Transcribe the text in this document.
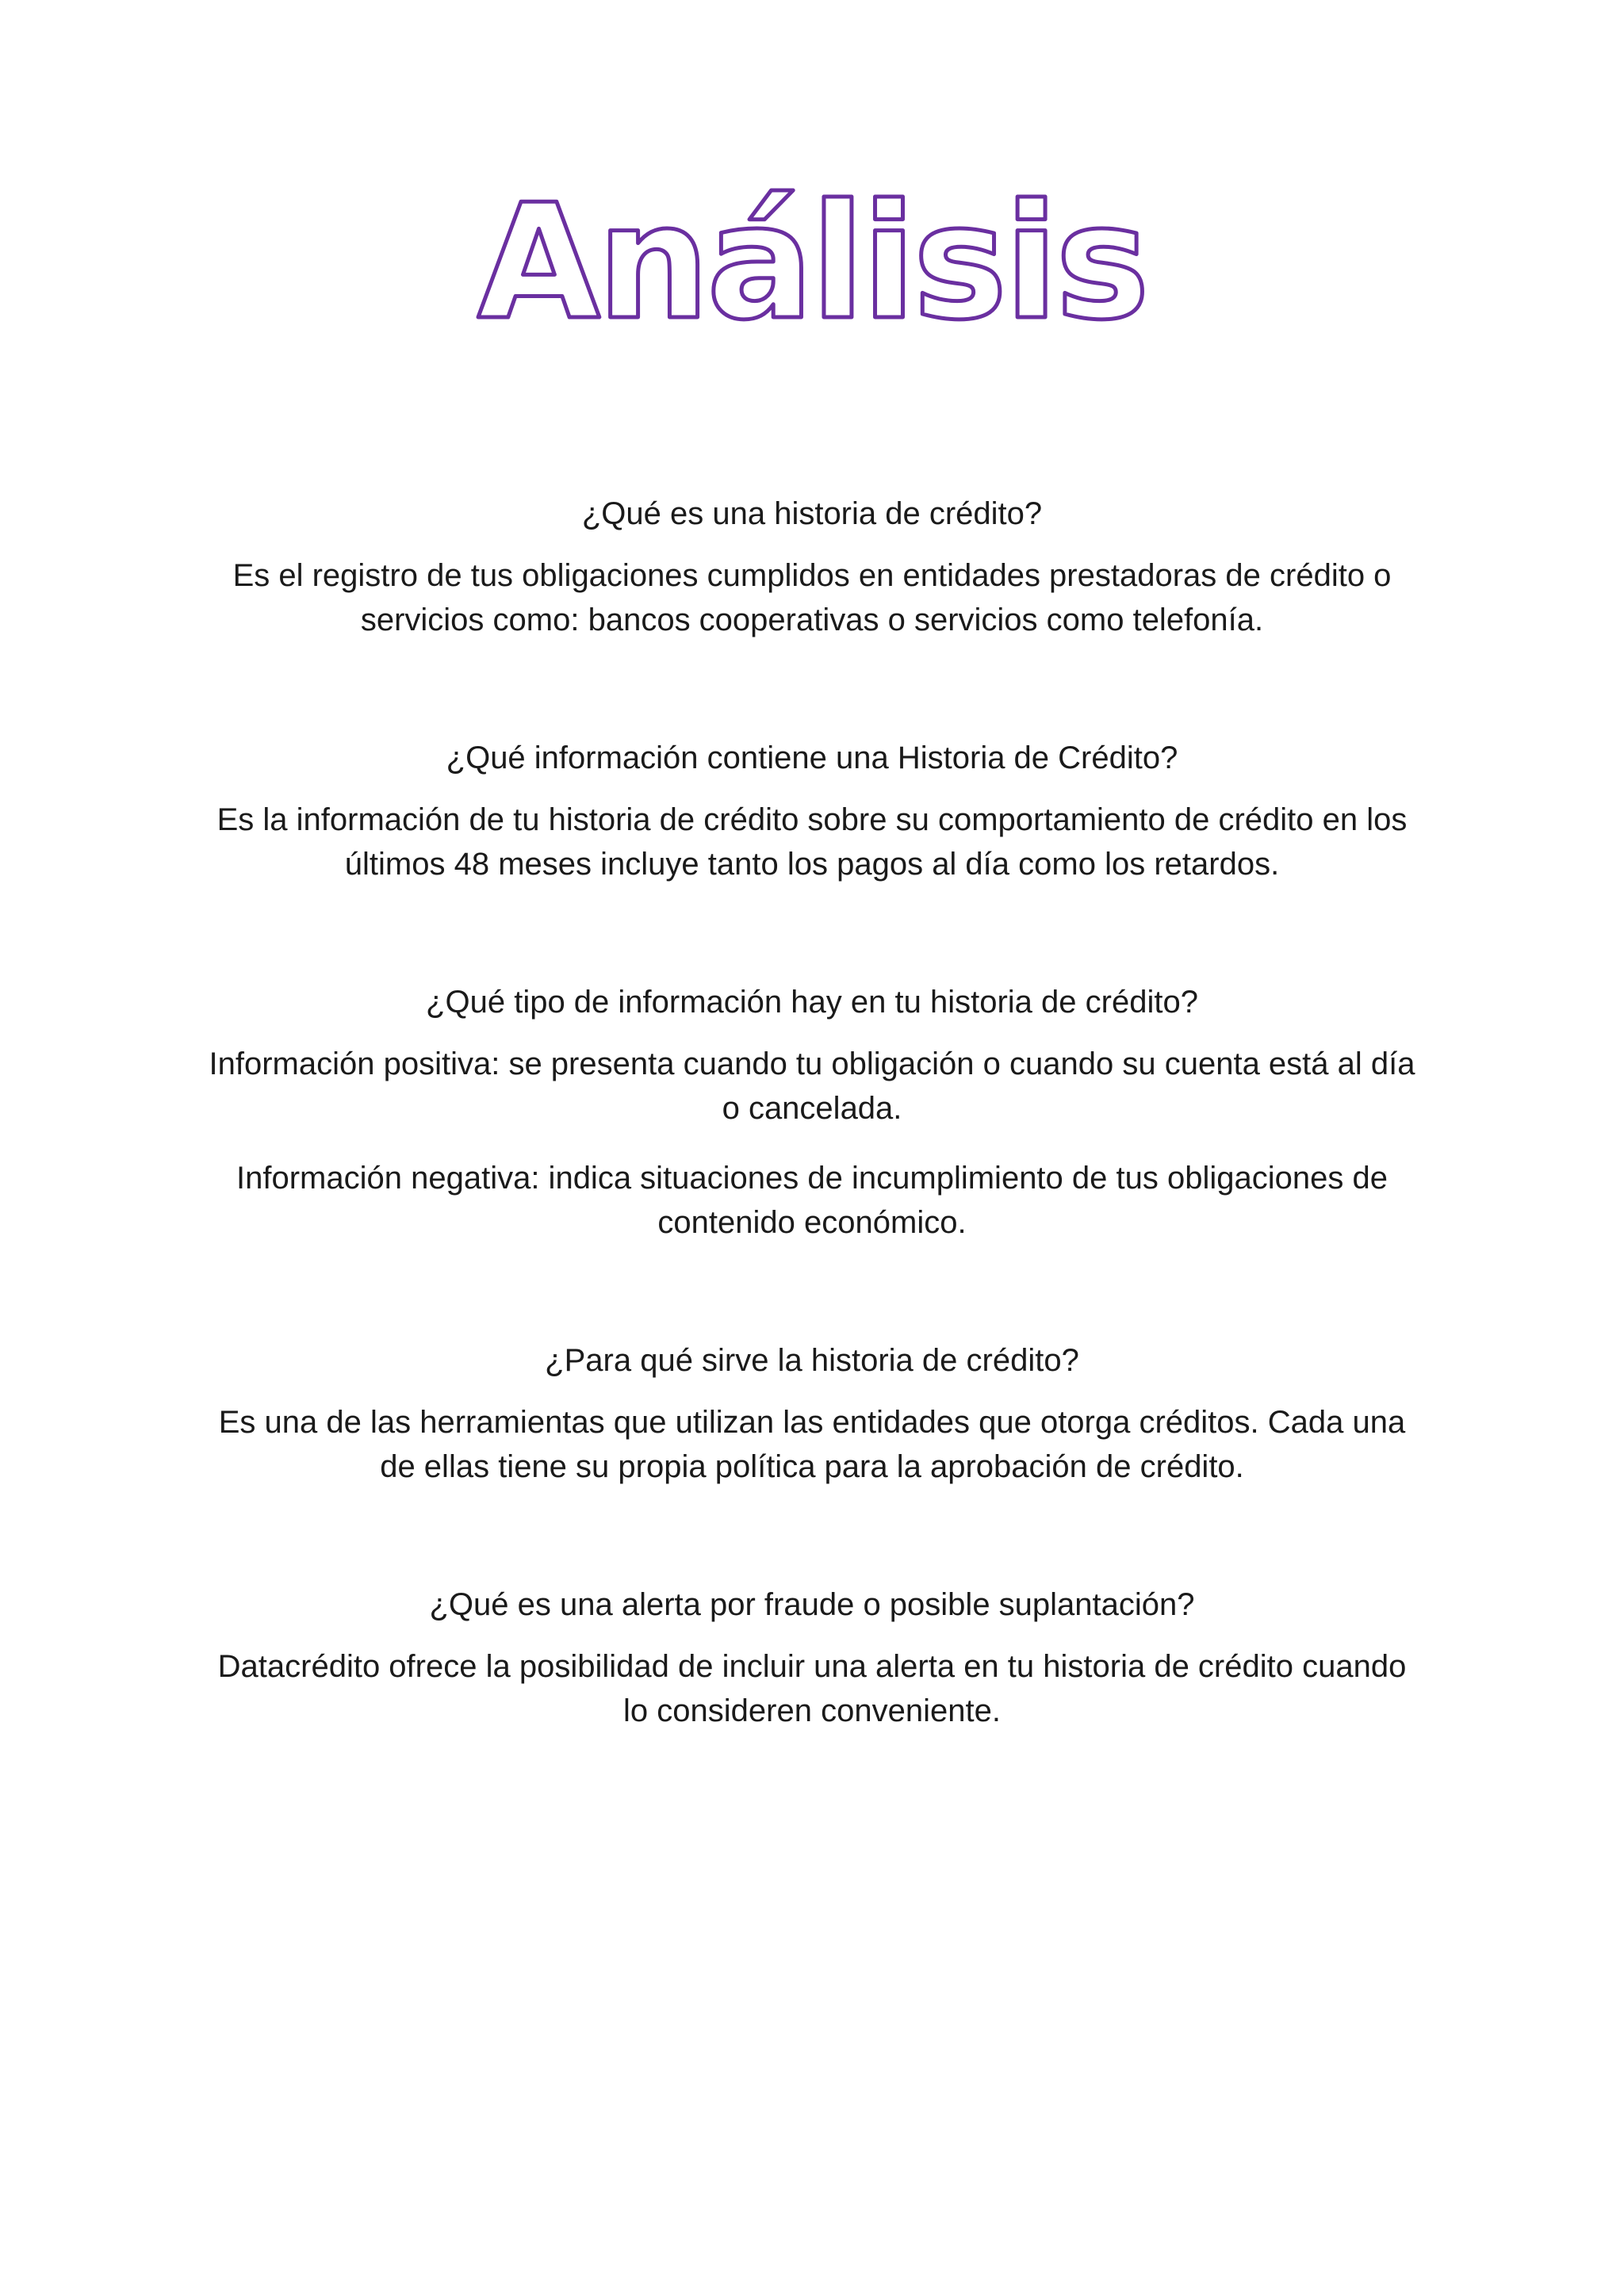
Análisis

¿Qué es una historia de crédito?

Es el registro de tus obligaciones cumplidos en entidades prestadoras de crédito o servicios como: bancos cooperativas o servicios como telefonía.

¿Qué información contiene una Historia de Crédito?

Es la información de tu historia de crédito sobre su comportamiento de crédito en los últimos 48 meses incluye tanto los pagos al día como los retardos.

¿Qué tipo de información hay en tu historia de crédito?

Información positiva: se presenta cuando tu obligación o cuando su cuenta está al día o cancelada.

Información negativa: indica situaciones de incumplimiento de tus obligaciones de contenido económico.

¿Para qué sirve la historia de crédito?

Es una de las herramientas que utilizan las entidades que otorga créditos. Cada una de ellas tiene su propia política para la aprobación de crédito.

¿Qué es una alerta por fraude o posible suplantación?

Datacrédito ofrece la posibilidad de incluir una alerta en tu historia de crédito cuando lo consideren conveniente.
